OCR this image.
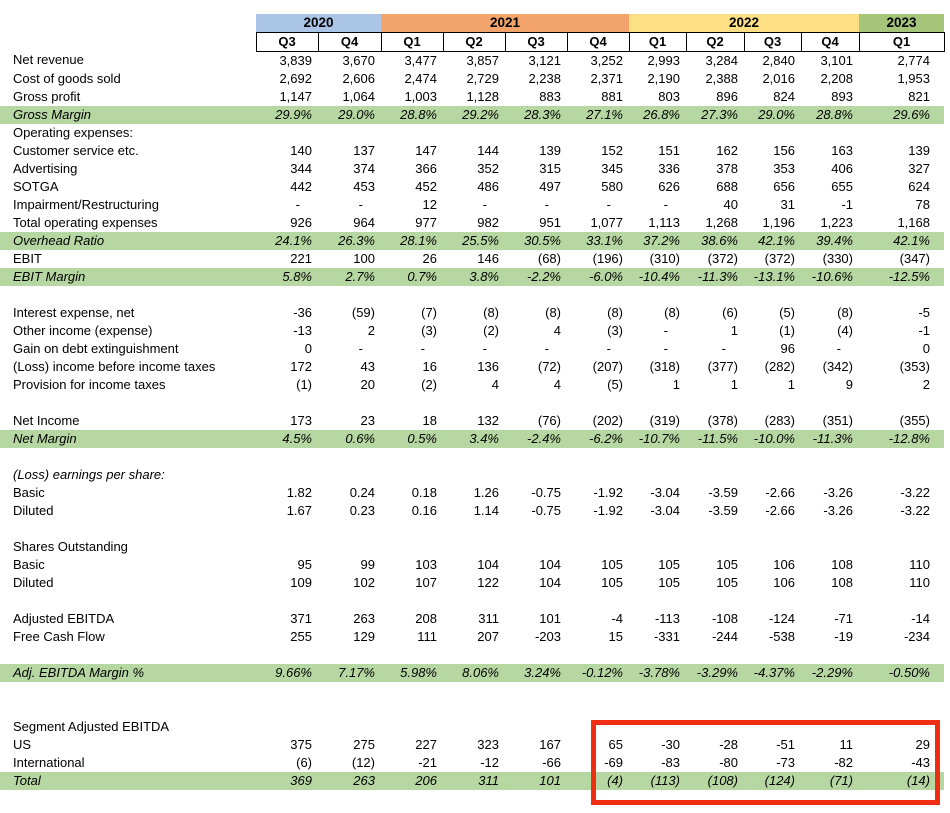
	2020		2021				2022				2023
	Q3	Q4	Q1	Q2	Q3	Q4	Q1	Q2	Q3	Q4	Q1
Net revenue	3,839	3,670	3,477	3,857	3,121	3,252	2,993	3,284	2,840	3,101	2,774
Cost of goods sold	2,692	2,606	2,474	2,729	2,238	2,371	2,190	2,388	2,016	2,208	1,953
Gross profit	1,147	1,064	1,003	1,128	883	881	803	896	824	893	821
Gross Margin	29.9%	29.0%	28.8%	29.2%	28.3%	27.1%	26.8%	27.3%	29.0%	28.8%	29.6%
Operating expenses:											
Customer service etc.	140	137	147	144	139	152	151	162	156	163	139
Advertising	344	374	366	352	315	345	336	378	353	406	327
SOTGA	442	453	452	486	497	580	626	688	656	655	624
Impairment/Restructuring	-	-	12	-	-	-	-	40	31	-1	78
Total operating expenses	926	964	977	982	951	1,077	1,113	1,268	1,196	1,223	1,168
Overhead Ratio	24.1%	26.3%	28.1%	25.5%	30.5%	33.1%	37.2%	38.6%	42.1%	39.4%	42.1%
EBIT	221	100	26	146	(68)	(196)	(310)	(372)	(372)	(330)	(347)
EBIT Margin	5.8%	2.7%	0.7%	3.8%	-2.2%	-6.0%	-10.4%	-11.3%	-13.1%	-10.6%	-12.5%

Interest expense, net	-36	(59)	(7)	(8)	(8)	(8)	(8)	(6)	(5)	(8)	-5
Other income (expense)	-13	2	(3)	(2)	4	(3)	-	1	(1)	(4)	-1
Gain on debt extinguishment	0	-	-	-	-	-	-	-	96	-	0
(Loss) income before income taxes	172	43	16	136	(72)	(207)	(318)	(377)	(282)	(342)	(353)
Provision for income taxes	(1)	20	(2)	4	4	(5)	1	1	1	9	2

Net Income	173	23	18	132	(76)	(202)	(319)	(378)	(283)	(351)	(355)
Net Margin	4.5%	0.6%	0.5%	3.4%	-2.4%	-6.2%	-10.7%	-11.5%	-10.0%	-11.3%	-12.8%

(Loss) earnings per share:											
Basic	1.82	0.24	0.18	1.26	-0.75	-1.92	-3.04	-3.59	-2.66	-3.26	-3.22
Diluted	1.67	0.23	0.16	1.14	-0.75	-1.92	-3.04	-3.59	-2.66	-3.26	-3.22

Shares Outstanding											
Basic	95	99	103	104	104	105	105	105	106	108	110
Diluted	109	102	107	122	104	105	105	105	106	108	110

Adjusted EBITDA	371	263	208	311	101	-4	-113	-108	-124	-71	-14
Free Cash Flow	255	129	111	207	-203	15	-331	-244	-538	-19	-234

Adj. EBITDA Margin %	9.66%	7.17%	5.98%	8.06%	3.24%	-0.12%	-3.78%	-3.29%	-4.37%	-2.29%	-0.50%

Segment Adjusted EBITDA											
US	375	275	227	323	167	65	-30	-28	-51	11	29
International	(6)	(12)	-21	-12	-66	-69	-83	-80	-73	-82	-43
Total	369	263	206	311	101	(4)	(113)	(108)	(124)	(71)	(14)
